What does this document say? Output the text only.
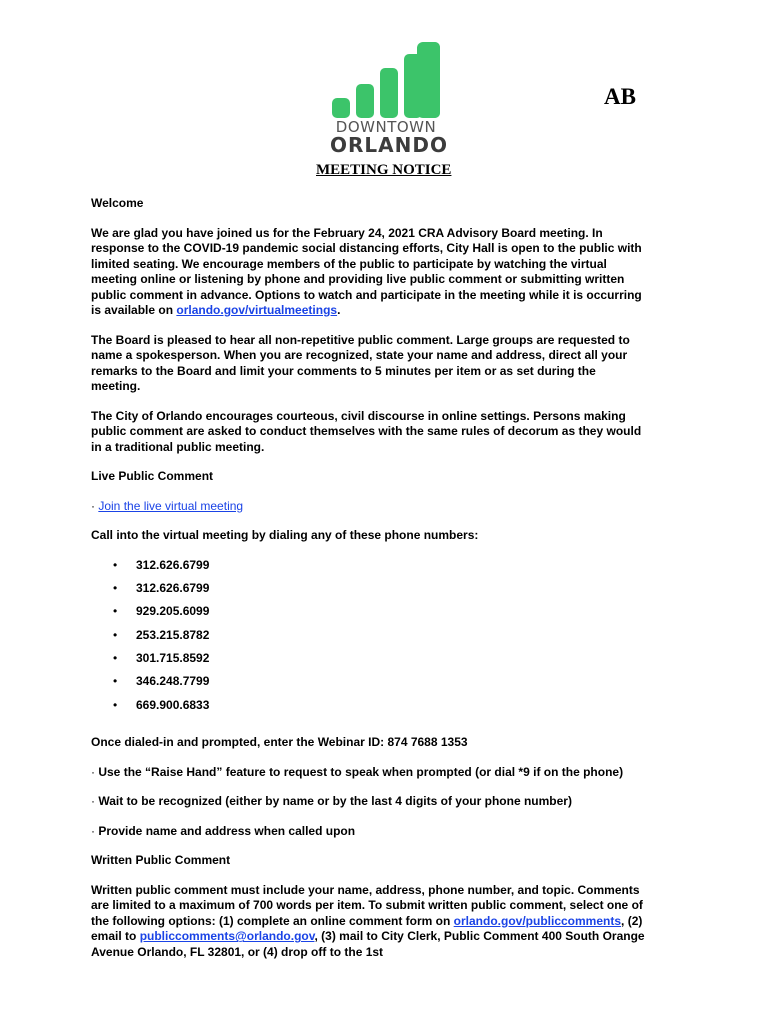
DOWNTOWN
ORLANDO
AB
MEETING NOTICE

Welcome

We are glad you have joined us for the February 24, 2021 CRA Advisory Board meeting. In response to the COVID-19 pandemic social distancing efforts, City Hall is open to the public with limited seating. We encourage members of the public to participate by watching the virtual meeting online or listening by phone and providing live public comment or submitting written public comment in advance. Options to watch and participate in the meeting while it is occurring is available on orlando.gov/virtualmeetings.

The Board is pleased to hear all non-repetitive public comment. Large groups are requested to name a spokesperson. When you are recognized, state your name and address, direct all your remarks to the Board and limit your comments to 5 minutes per item or as set during the meeting.

The City of Orlando encourages courteous, civil discourse in online settings. Persons making public comment are asked to conduct themselves with the same rules of decorum as they would in a traditional public meeting.

Live Public Comment

· Join the live virtual meeting

Call into the virtual meeting by dialing any of these phone numbers:

• 312.626.6799
• 312.626.6799
• 929.205.6099
• 253.215.8782
• 301.715.8592
• 346.248.7799
• 669.900.6833

Once dialed-in and prompted, enter the Webinar ID: 874 7688 1353

· Use the “Raise Hand” feature to request to speak when prompted (or dial *9 if on the phone)

· Wait to be recognized (either by name or by the last 4 digits of your phone number)

· Provide name and address when called upon

Written Public Comment

Written public comment must include your name, address, phone number, and topic. Comments are limited to a maximum of 700 words per item. To submit written public comment, select one of the following options: (1) complete an online comment form on orlando.gov/publiccomments, (2) email to publiccomments@orlando.gov, (3) mail to City Clerk, Public Comment 400 South Orange Avenue Orlando, FL 32801, or (4) drop off to the 1st
